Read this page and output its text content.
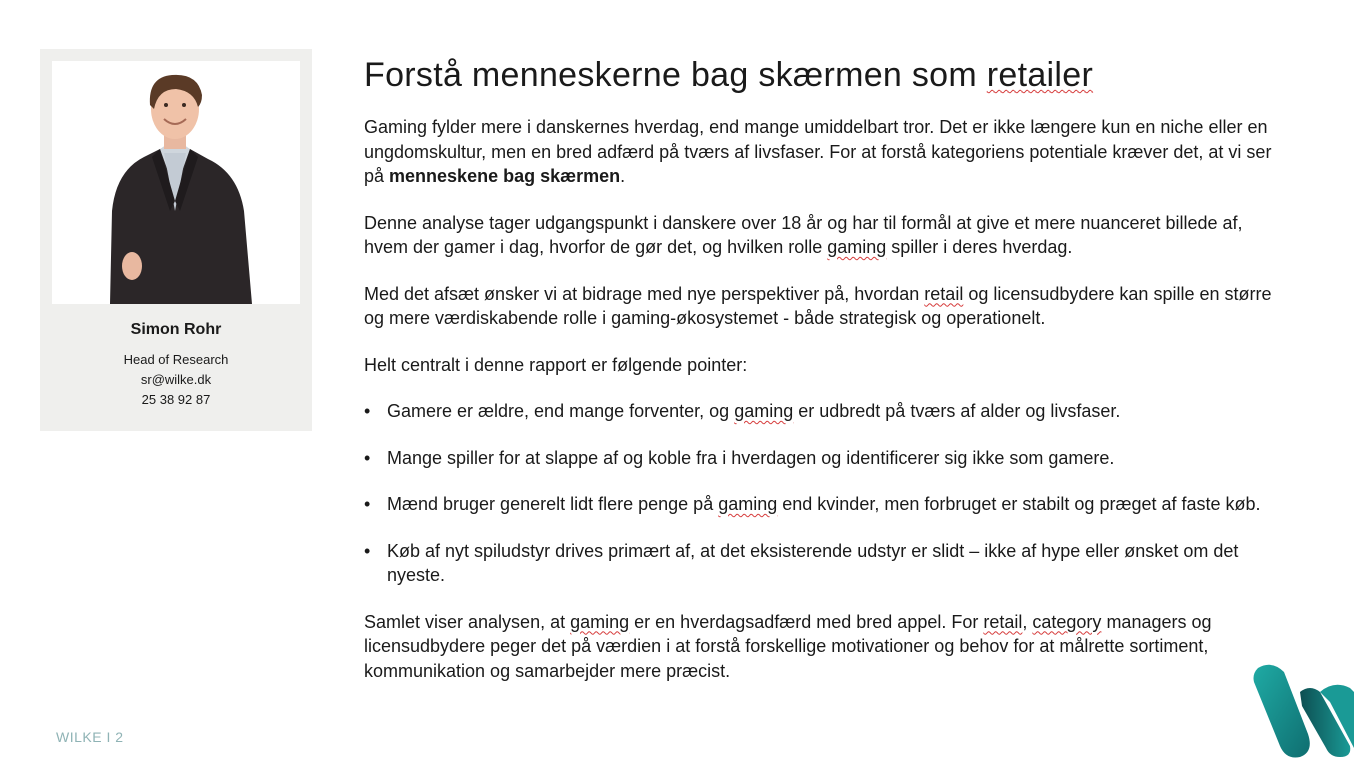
Simon Rohr
Head of Research
sr@wilke.dk
25 38 92 87
Forstå menneskerne bag skærmen som retailer

Gaming fylder mere i danskernes hverdag, end mange umiddelbart tror. Det er ikke længere kun en niche eller en ungdomskultur, men en bred adfærd på tværs af livsfaser. For at forstå kategoriens potentiale kræver det, at vi ser på menneskene bag skærmen.

Denne analyse tager udgangspunkt i danskere over 18 år og har til formål at give et mere nuanceret billede af, hvem der gamer i dag, hvorfor de gør det, og hvilken rolle gaming spiller i deres hverdag.

Med det afsæt ønsker vi at bidrage med nye perspektiver på, hvordan retail og licensudbydere kan spille en større og mere værdiskabende rolle i gaming-økosystemet - både strategisk og operationelt.

Helt centralt i denne rapport er følgende pointer:

• Gamere er ældre, end mange forventer, og gaming er udbredt på tværs af alder og livsfaser.
• Mange spiller for at slappe af og koble fra i hverdagen og identificerer sig ikke som gamere.
• Mænd bruger generelt lidt flere penge på gaming end kvinder, men forbruget er stabilt og præget af faste køb.
• Køb af nyt spiludstyr drives primært af, at det eksisterende udstyr er slidt – ikke af hype eller ønsket om det nyeste.

Samlet viser analysen, at gaming er en hverdagsadfærd med bred appel. For retail, category managers og licensudbydere peger det på værdien i at forstå forskellige motivationer og behov for at målrette sortiment, kommunikation og samarbejder mere præcist.

WILKE I 2
